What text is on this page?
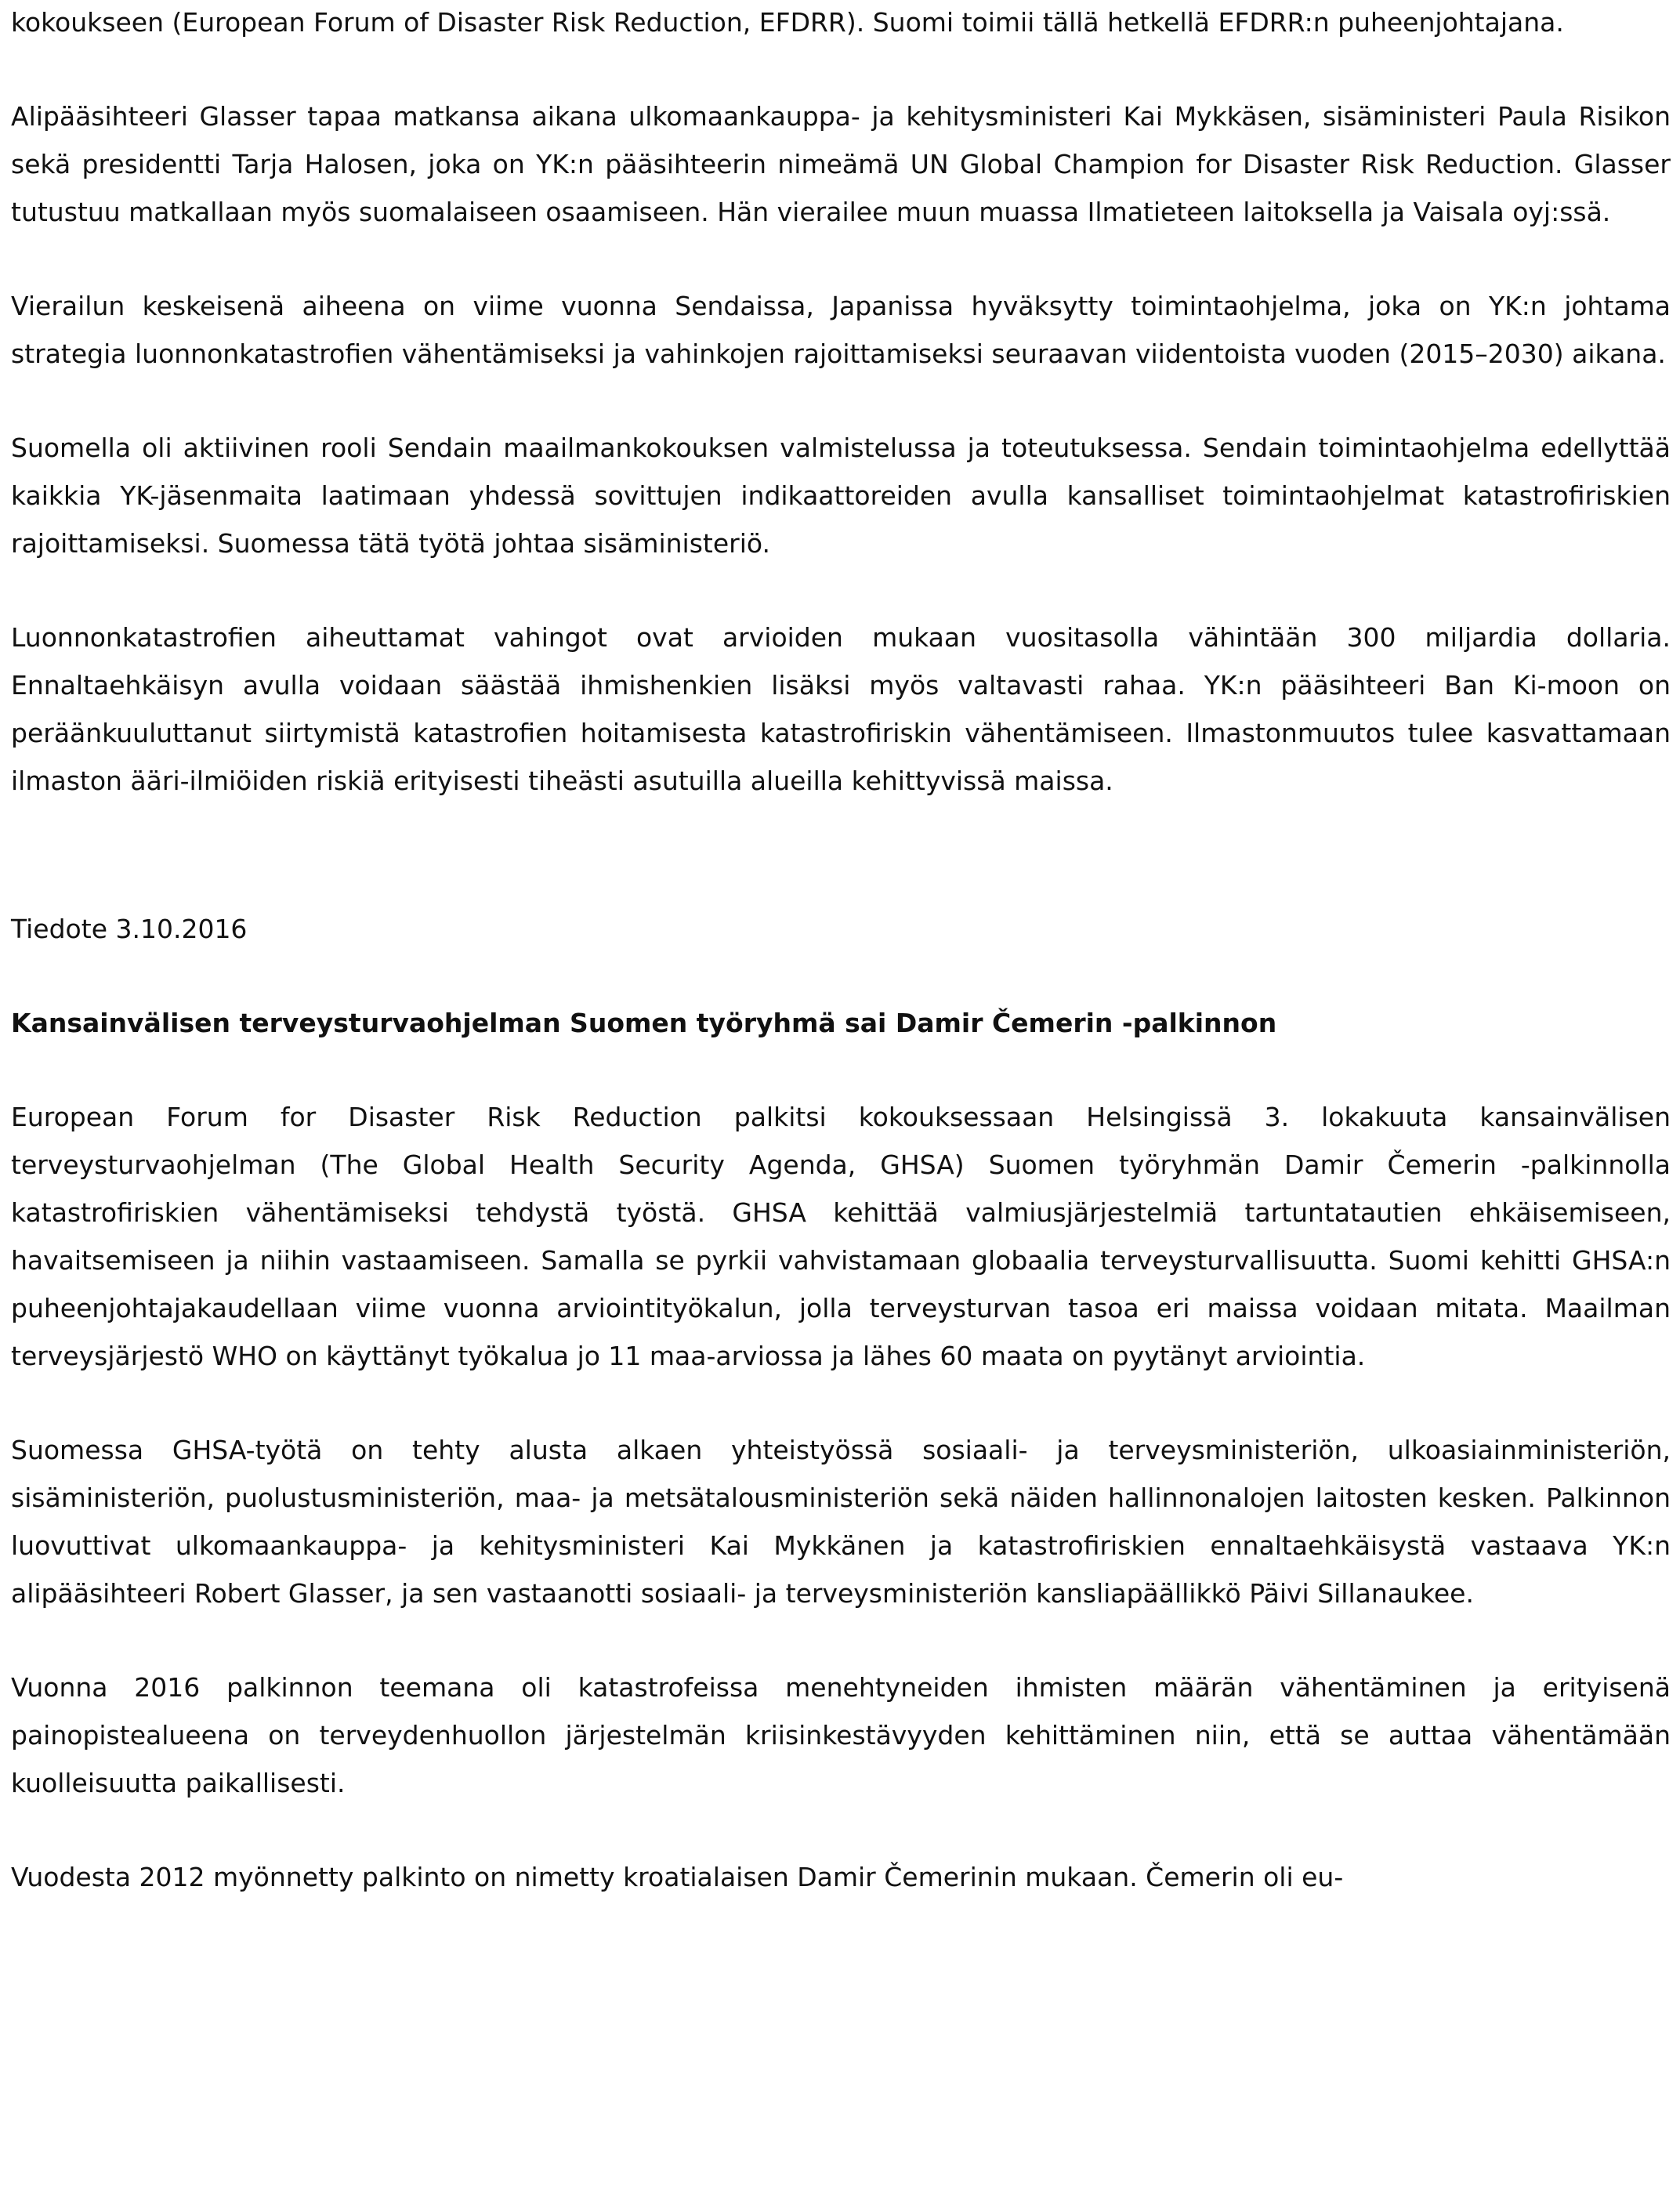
kokoukseen (European Forum of Disaster Risk Reduction, EFDRR). Suomi toimii tällä hetkellä EFDRR:n puheenjohtajana.

Alipääsihteeri Glasser tapaa matkansa aikana ulkomaankauppa- ja kehitysministeri Kai Mykkäsen, sisäministeri Paula Risikon sekä presidentti Tarja Halosen, joka on YK:n pääsihteerin nimeämä UN Global Champion for Disaster Risk Reduction. Glasser tutustuu matkallaan myös suomalaiseen osaamiseen. Hän vierailee muun muassa Ilmatieteen laitoksella ja Vaisala oyj:ssä.

Vierailun keskeisenä aiheena on viime vuonna Sendaissa, Japanissa hyväksytty toimintaohjelma, joka on YK:n johtama strategia luonnonkatastrofien vähentämiseksi ja vahinkojen rajoittamiseksi seuraavan viidentoista vuoden (2015–2030) aikana.

Suomella oli aktiivinen rooli Sendain maailmankokouksen valmistelussa ja toteutuksessa. Sendain toimintaohjelma edellyttää kaikkia YK-jäsenmaita laatimaan yhdessä sovittujen indikaattoreiden avulla kansalliset toimintaohjelmat katastrofiriskien rajoittamiseksi. Suomessa tätä työtä johtaa sisäministeriö.

Luonnonkatastrofien aiheuttamat vahingot ovat arvioiden mukaan vuositasolla vähintään 300 miljardia dollaria. Ennaltaehkäisyn avulla voidaan säästää ihmishenkien lisäksi myös valtavasti rahaa. YK:n pääsihteeri Ban Ki-moon on peräänkuuluttanut siirtymistä katastrofien hoitamisesta katastrofiriskin vähentämiseen. Ilmastonmuutos tulee kasvattamaan ilmaston ääri-ilmiöiden riskiä erityisesti tiheästi asutuilla alueilla kehittyvissä maissa.

Tiedote 3.10.2016

Kansainvälisen terveysturvaohjelman Suomen työryhmä sai Damir Čemerin -palkinnon

European Forum for Disaster Risk Reduction palkitsi kokouksessaan Helsingissä 3. lokakuuta kansainvälisen terveysturvaohjelman (The Global Health Security Agenda, GHSA) Suomen työryhmän Damir Čemerin -palkinnolla katastrofiriskien vähentämiseksi tehdystä työstä. GHSA kehittää valmiusjärjestelmiä tartuntatautien ehkäisemiseen, havaitsemiseen ja niihin vastaamiseen. Samalla se pyrkii vahvistamaan globaalia terveysturvallisuutta. Suomi kehitti GHSA:n puheenjohtajakaudellaan viime vuonna arviointityökalun, jolla terveysturvan tasoa eri maissa voidaan mitata. Maailman terveysjärjestö WHO on käyttänyt työkalua jo 11 maa-arviossa ja lähes 60 maata on pyytänyt arviointia.

Suomessa GHSA-työtä on tehty alusta alkaen yhteistyössä sosiaali- ja terveysministeriön, ulkoasiainministeriön, sisäministeriön, puolustusministeriön, maa- ja metsätalousministeriön sekä näiden hallinnonalojen laitosten kesken. Palkinnon luovuttivat ulkomaankauppa- ja kehitysministeri Kai Mykkänen ja katastrofiriskien ennaltaehkäisystä vastaava YK:n alipääsihteeri Robert Glasser, ja sen vastaanotti sosiaali- ja terveysministeriön kansliapäällikkö Päivi Sillanaukee.

Vuonna 2016 palkinnon teemana oli katastrofeissa menehtyneiden ihmisten määrän vähentäminen ja erityisenä painopistealueena on terveydenhuollon järjestelmän kriisinkestävyyden kehittäminen niin, että se auttaa vähentämään kuolleisuutta paikallisesti.

Vuodesta 2012 myönnetty palkinto on nimetty kroatialaisen Damir Čemerinin mukaan. Čemerin oli eu-
